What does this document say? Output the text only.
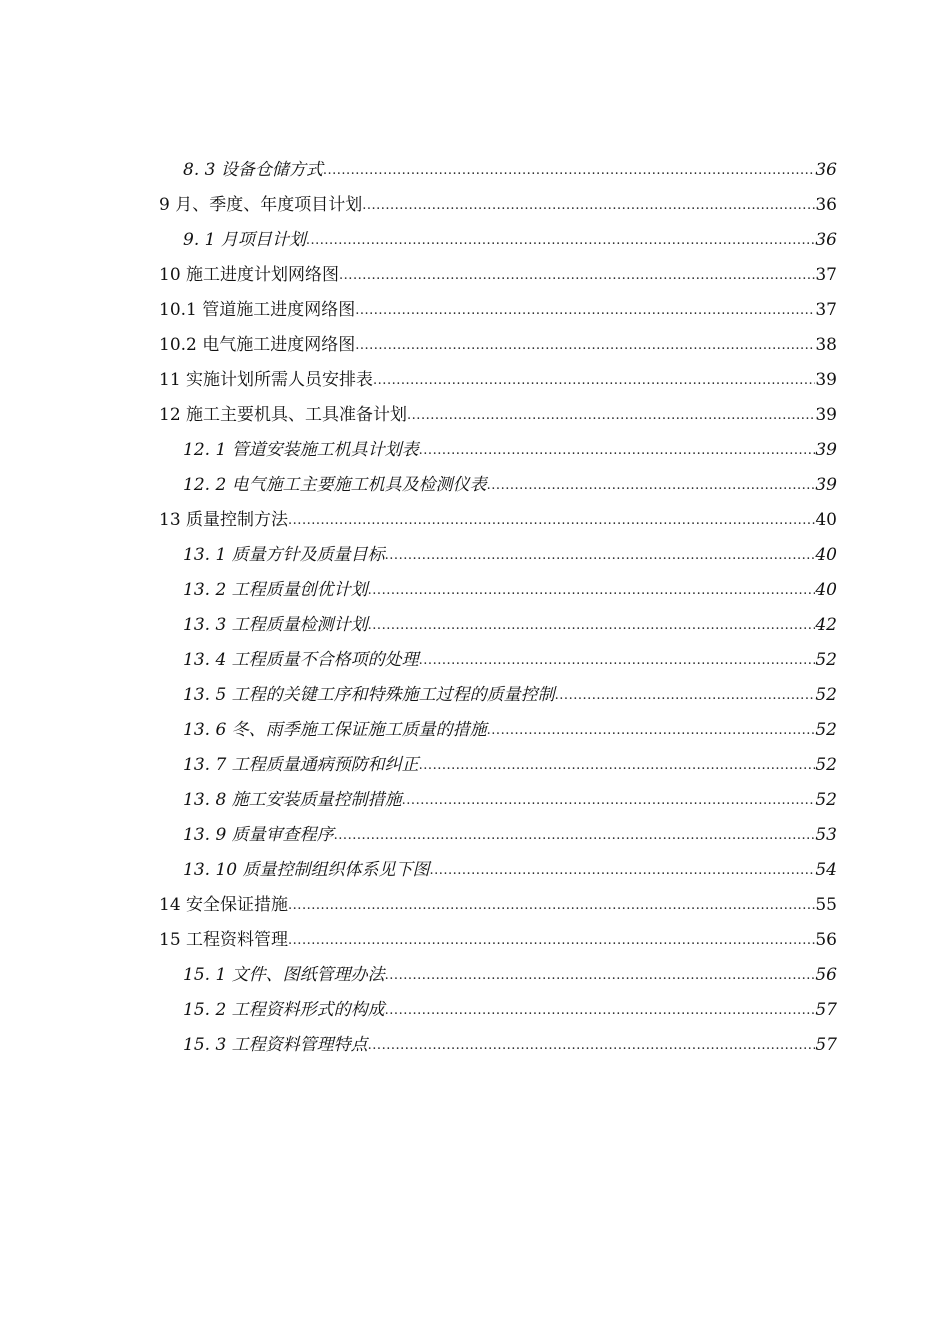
8. 3 设备仓储方式 .....	36
9 月、季度、年度项目计划 .....	36
9. 1 月项目计划 .....	36
10 施工进度计划网络图 .....	37
10.1 管道施工进度网络图 .....	37
10.2 电气施工进度网络图 .....	38
11 实施计划所需人员安排表 .....	39
12 施工主要机具、工具准备计划 .....	39
12. 1 管道安装施工机具计划表 .....	39
12. 2 电气施工主要施工机具及检测仪表 .....	39
13 质量控制方法 .....	40
13. 1 质量方针及质量目标 .....	40
13. 2 工程质量创优计划 .....	40
13. 3 工程质量检测计划 .....	42
13. 4 工程质量不合格项的处理 .....	52
13. 5 工程的关键工序和特殊施工过程的质量控制 .....	52
13. 6 冬、雨季施工保证施工质量的措施 .....	52
13. 7 工程质量通病预防和纠正 .....	52
13. 8 施工安装质量控制措施 .....	52
13. 9 质量审查程序 .....	53
13. 10 质量控制组织体系见下图 .....	54
14 安全保证措施 .....	55
15 工程资料管理 .....	56
15. 1 文件、图纸管理办法 .....	56
15. 2 工程资料形式的构成 .....	57
15. 3 工程资料管理特点 .....	57
